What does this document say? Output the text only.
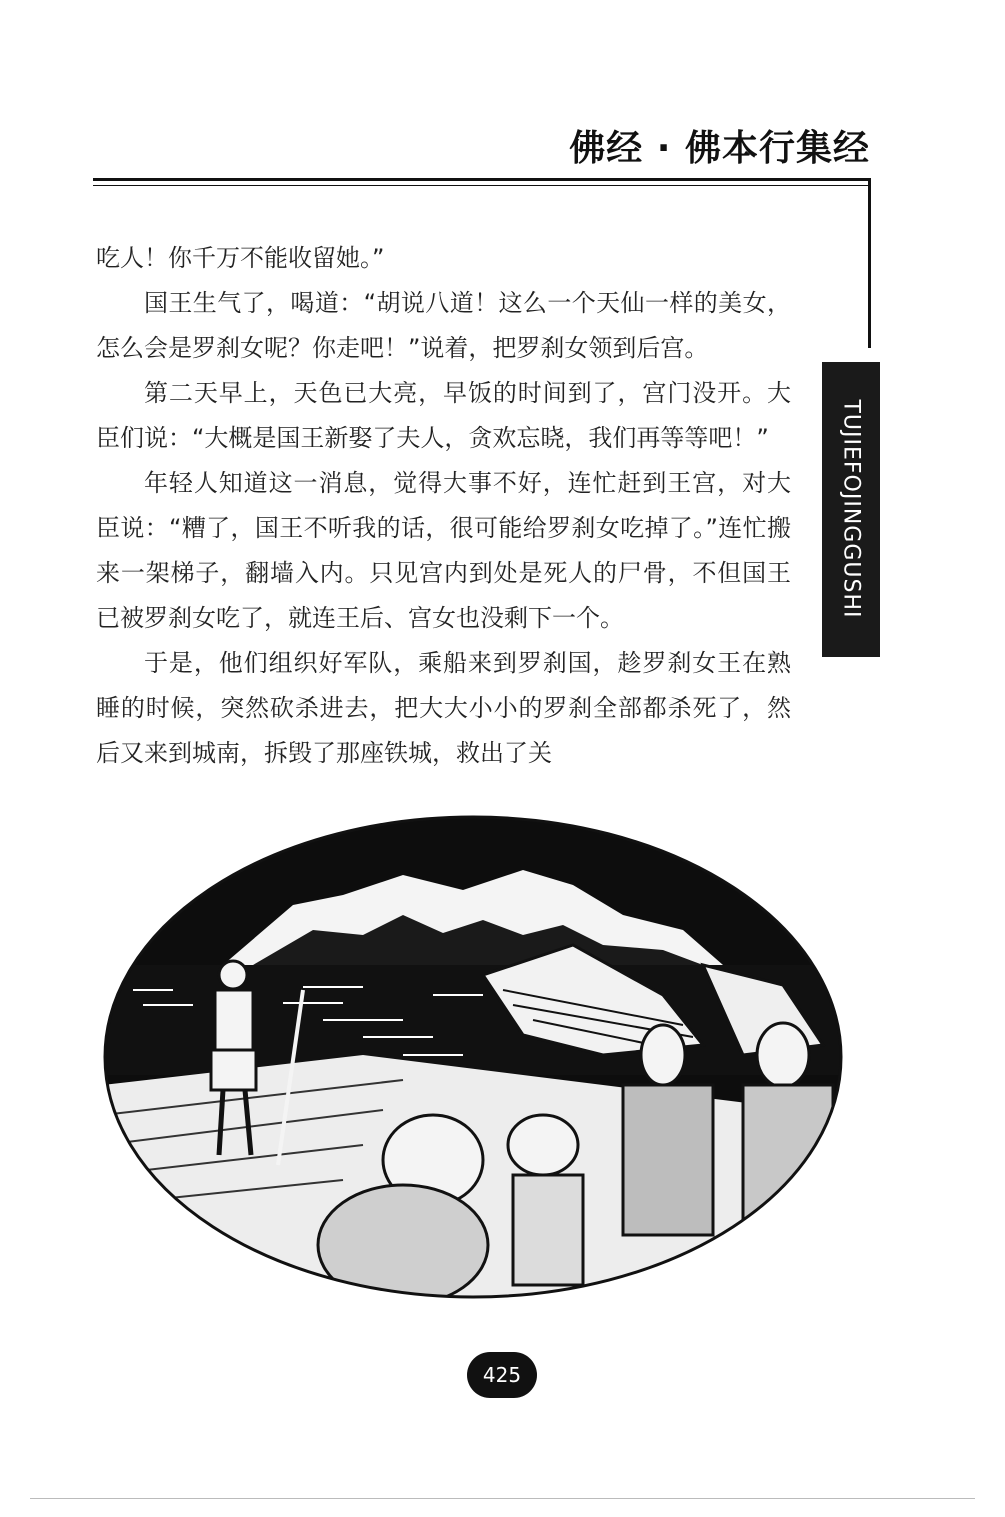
佛经 · 佛本行集经
TUJIEFOJINGGUSHI

吃人！你千万不能收留她。”

国王生气了，喝道：“胡说八道！这么一个天仙一样的美女，怎么会是罗刹女呢？你走吧！”说着，把罗刹女领到后宫。

第二天早上，天色已大亮，早饭的时间到了，宫门没开。大臣们说：“大概是国王新娶了夫人，贪欢忘晓，我们再等等吧！”

年轻人知道这一消息，觉得大事不好，连忙赶到王宫，对大臣说：“糟了，国王不听我的话，很可能给罗刹女吃掉了。”连忙搬来一架梯子，翻墙入内。只见宫内到处是死人的尸骨，不但国王已被罗刹女吃了，就连王后、宫女也没剩下一个。

于是，他们组织好军队，乘船来到罗刹国，趁罗刹女王在熟睡的时候，突然砍杀进去，把大大小小的罗刹全部都杀死了，然后又来到城南，拆毁了那座铁城，救出了关

425
